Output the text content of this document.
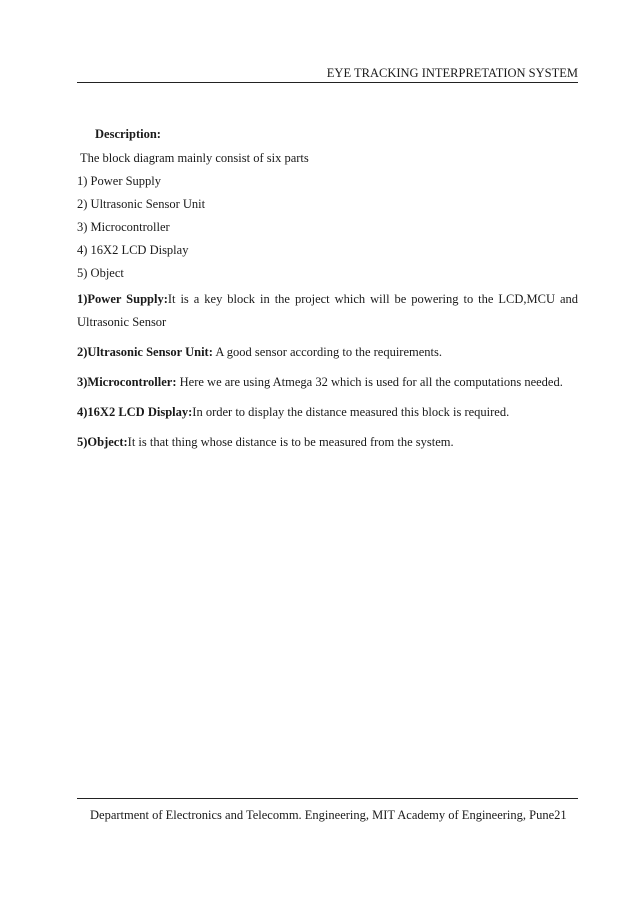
EYE TRACKING INTERPRETATION SYSTEM
Description:
The block diagram mainly consist of six parts
1) Power Supply
2) Ultrasonic Sensor Unit
3) Microcontroller
4) 16X2 LCD Display
5) Object
1)Power Supply:It is a key block in the project which will be powering to the LCD,MCU and Ultrasonic Sensor
2)Ultrasonic Sensor Unit: A good sensor according to the requirements.
3)Microcontroller: Here we are using Atmega 32 which is used for all the computations needed.
4)16X2 LCD Display:In order to display the distance measured this block is required.
5)Object:It is that thing whose distance is to be measured from the system.
Department of Electronics and Telecomm. Engineering, MIT Academy of Engineering, Pune21
